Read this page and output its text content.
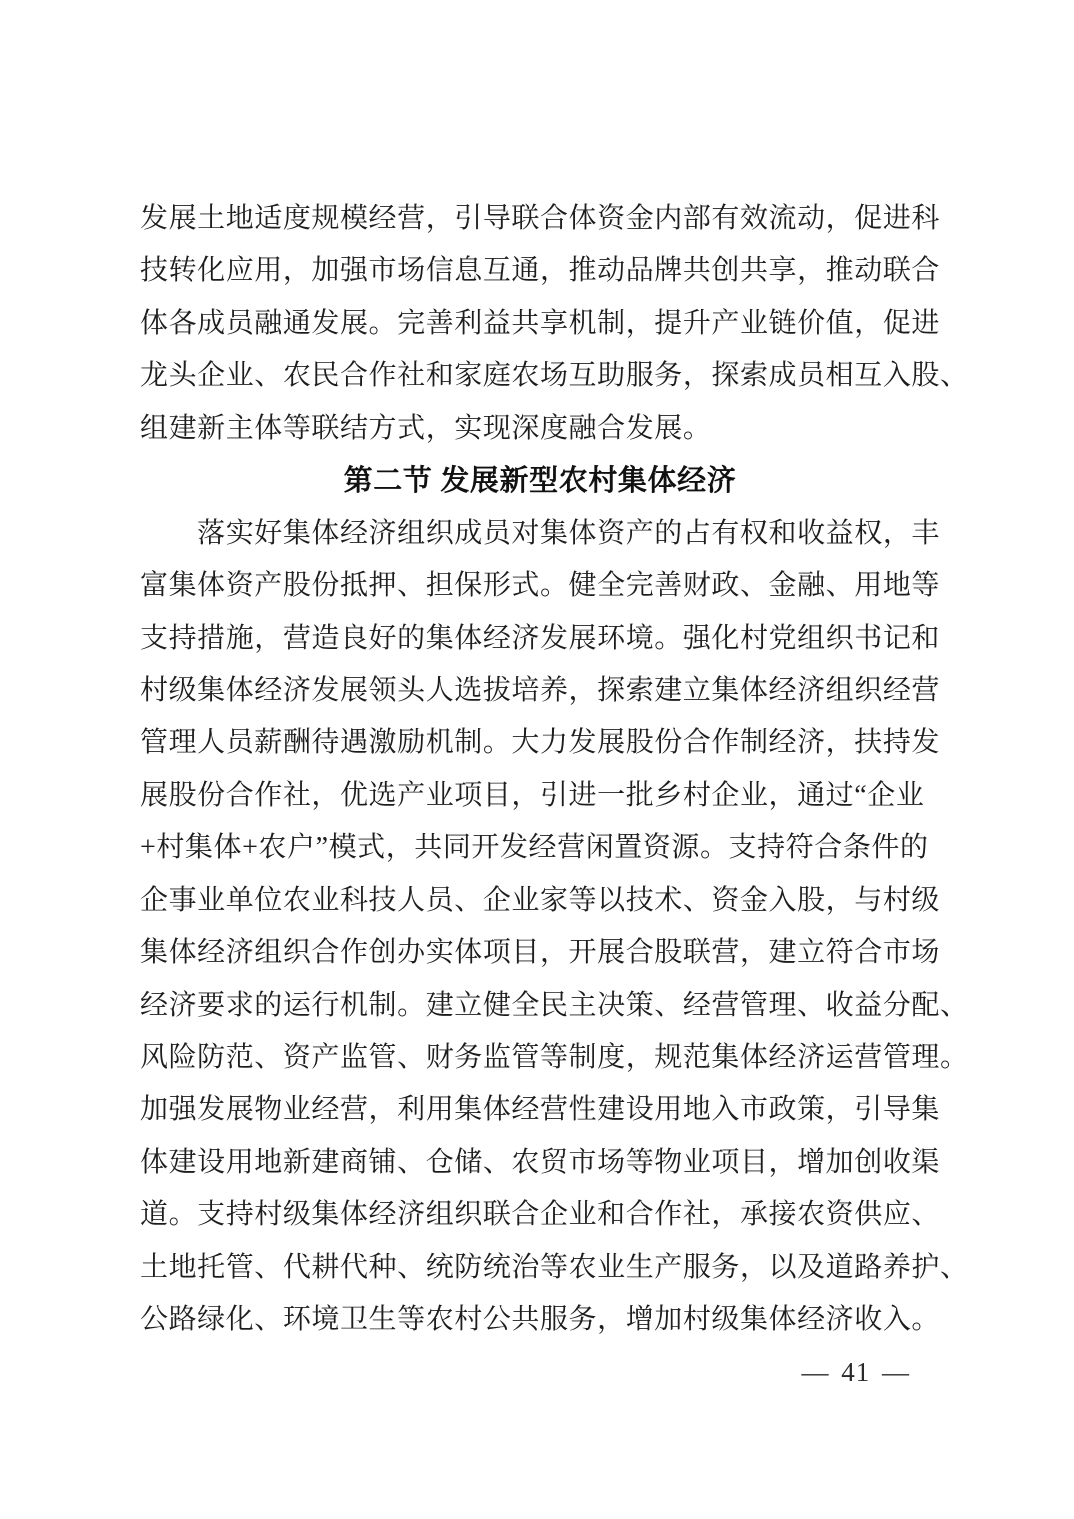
发展土地适度规模经营，引导联合体资金内部有效流动，促进科
技转化应用，加强市场信息互通，推动品牌共创共享，推动联合
体各成员融通发展。完善利益共享机制，提升产业链价值，促进
龙头企业、农民合作社和家庭农场互助服务，探索成员相互入股、
组建新主体等联结方式，实现深度融合发展。
第二节 发展新型农村集体经济
　　落实好集体经济组织成员对集体资产的占有权和收益权，丰
富集体资产股份抵押、担保形式。健全完善财政、金融、用地等
支持措施，营造良好的集体经济发展环境。强化村党组织书记和
村级集体经济发展领头人选拔培养，探索建立集体经济组织经营
管理人员薪酬待遇激励机制。大力发展股份合作制经济，扶持发
展股份合作社，优选产业项目，引进一批乡村企业，通过“企业
+村集体+农户”模式，共同开发经营闲置资源。支持符合条件的
企事业单位农业科技人员、企业家等以技术、资金入股，与村级
集体经济组织合作创办实体项目，开展合股联营，建立符合市场
经济要求的运行机制。建立健全民主决策、经营管理、收益分配、
风险防范、资产监管、财务监管等制度，规范集体经济运营管理。
加强发展物业经营，利用集体经营性建设用地入市政策，引导集
体建设用地新建商铺、仓储、农贸市场等物业项目，增加创收渠
道。支持村级集体经济组织联合企业和合作社，承接农资供应、
土地托管、代耕代种、统防统治等农业生产服务，以及道路养护、
公路绿化、环境卫生等农村公共服务，增加村级集体经济收入。
— 41 —
